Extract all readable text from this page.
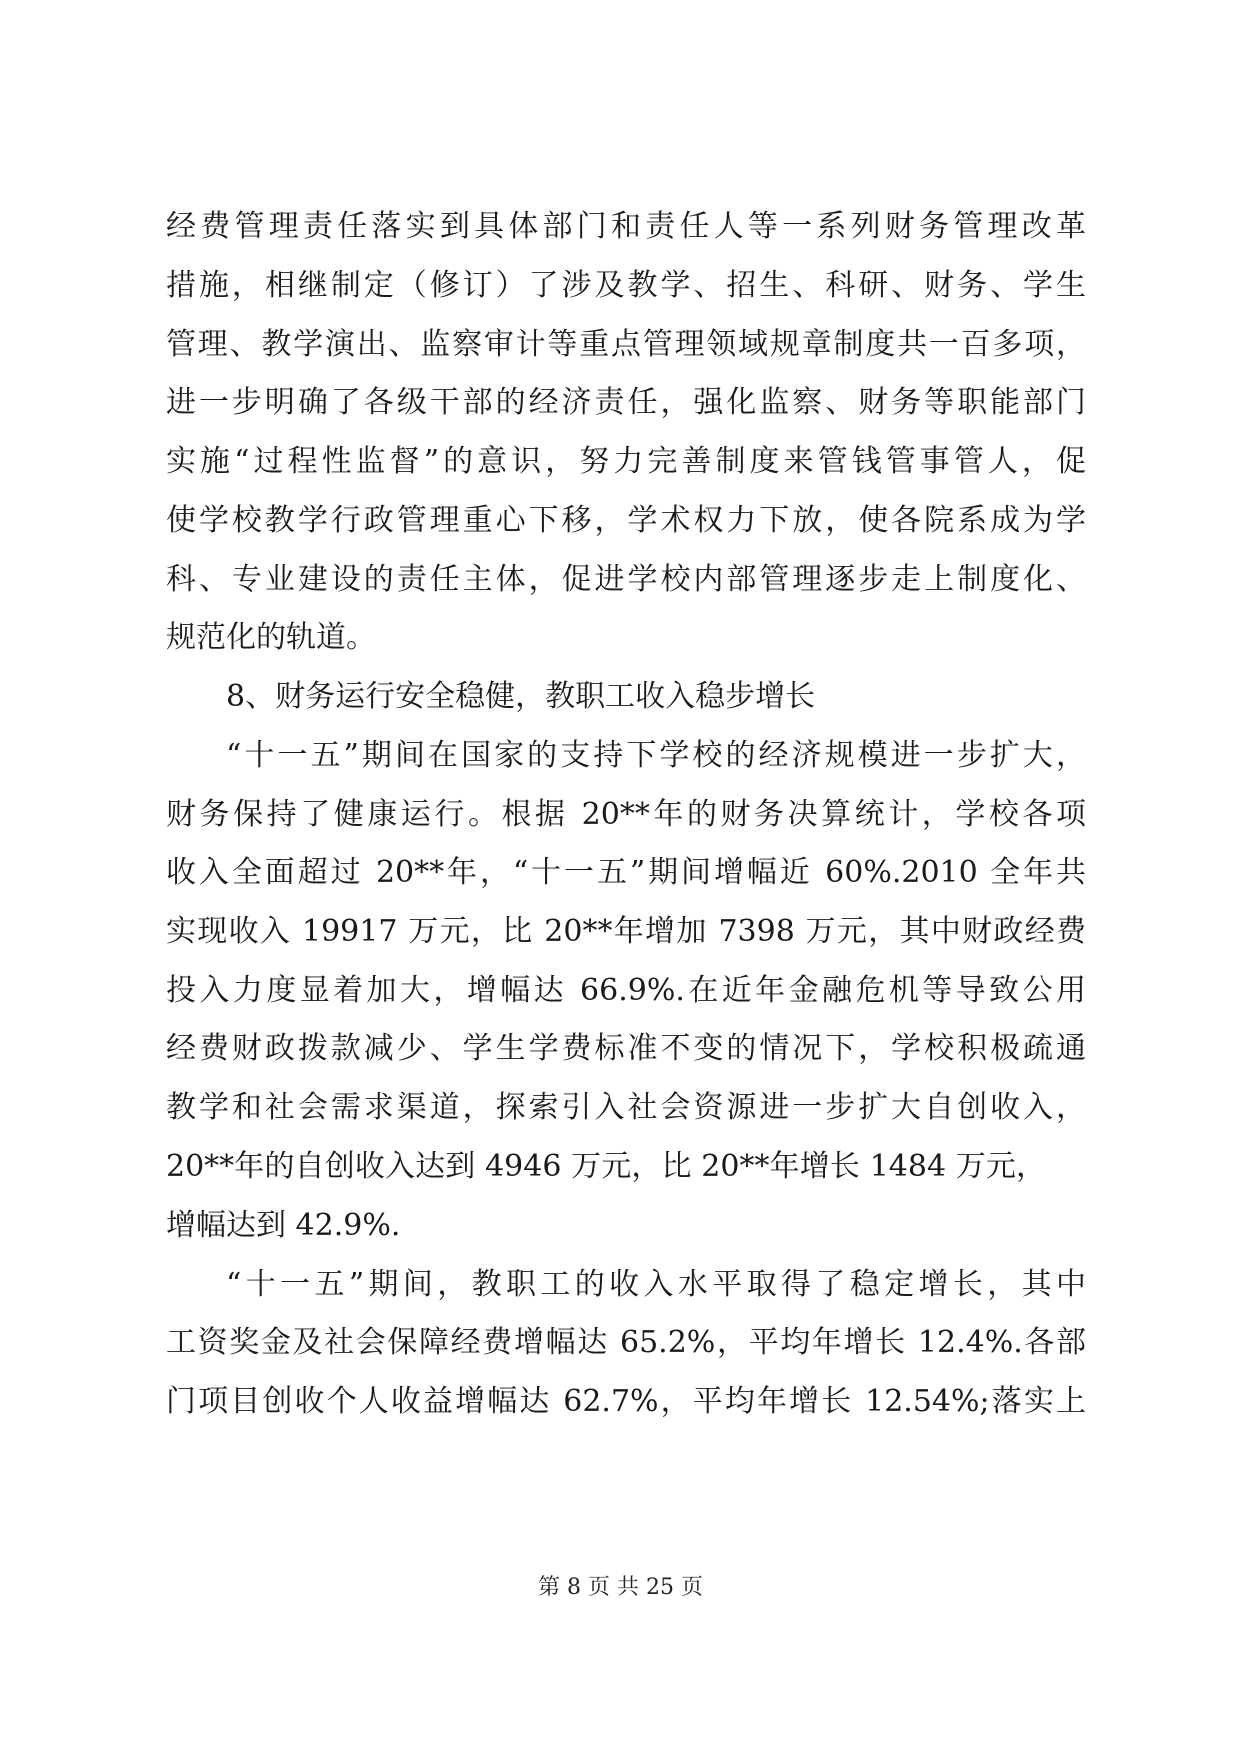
经费管理责任落实到具体部门和责任人等一系列财务管理改革
措施，相继制定（修订）了涉及教学、招生、科研、财务、学生
管理、教学演出、监察审计等重点管理领域规章制度共一百多项，
进一步明确了各级干部的经济责任，强化监察、财务等职能部门
实施“过程性监督”的意识，努力完善制度来管钱管事管人，促
使学校教学行政管理重心下移，学术权力下放，使各院系成为学
科、专业建设的责任主体，促进学校内部管理逐步走上制度化、
规范化的轨道。
8、财务运行安全稳健，教职工收入稳步增长
“十一五”期间在国家的支持下学校的经济规模进一步扩大，
财务保持了健康运行。根据 20**年的财务决算统计，学校各项
收入全面超过 20**年，“十一五”期间增幅近 60%.2010 全年共
实现收入 19917 万元，比 20**年增加 7398 万元，其中财政经费
投入力度显着加大，增幅达 66.9%.在近年金融危机等导致公用
经费财政拨款减少、学生学费标准不变的情况下，学校积极疏通
教学和社会需求渠道，探索引入社会资源进一步扩大自创收入，
20**年的自创收入达到 4946 万元，比 20**年增长 1484 万元，
增幅达到 42.9%.
“十一五”期间，教职工的收入水平取得了稳定增长，其中
工资奖金及社会保障经费增幅达 65.2%，平均年增长 12.4%.各部
门项目创收个人收益增幅达 62.7%，平均年增长 12.54%;落实上
第 8 页 共 25 页
